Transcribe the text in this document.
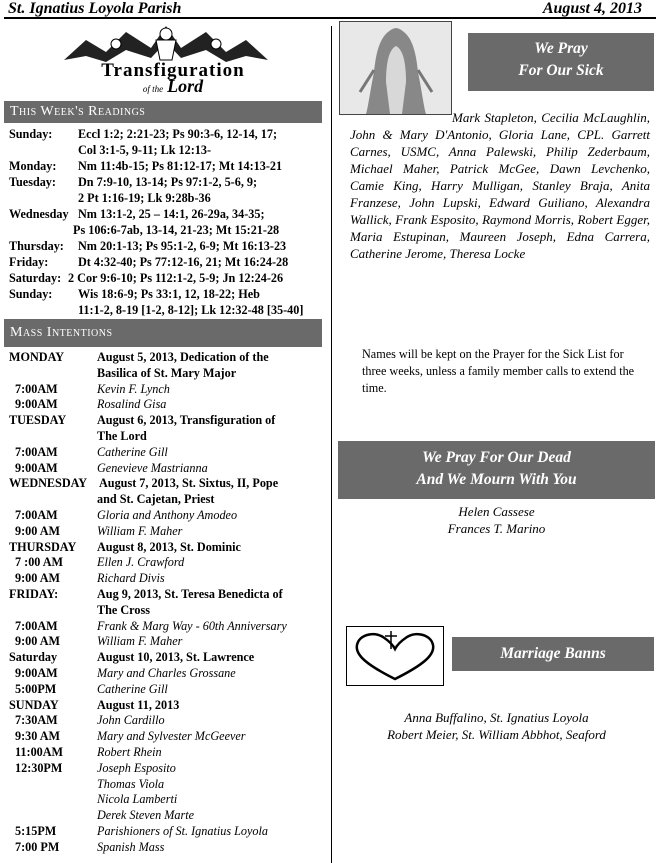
St. Ignatius Loyola Parish	August 4, 2013
Transfiguration
of the Lord
This Week's Readings
Sunday: Eccl 1:2; 2:21-23; Ps 90:3-6, 12-14, 17;
Col 3:1-5, 9-11; Lk 12:13-
Monday: Nm 11:4b-15; Ps 81:12-17; Mt 14:13-21
Tuesday: Dn 7:9-10, 13-14; Ps 97:1-2, 5-6, 9;
2 Pt 1:16-19; Lk 9:28b-36
Wednesday Nm 13:1-2, 25 – 14:1, 26-29a, 34-35;
Ps 106:6-7ab, 13-14, 21-23; Mt 15:21-28
Thursday: Nm 20:1-13; Ps 95:1-2, 6-9; Mt 16:13-23
Friday: Dt 4:32-40; Ps 77:12-16, 21; Mt 16:24-28
Saturday: 2 Cor 9:6-10; Ps 112:1-2, 5-9; Jn 12:24-26
Sunday: Wis 18:6-9; Ps 33:1, 12, 18-22; Heb
11:1-2, 8-19 [1-2, 8-12]; Lk 12:32-48 [35-40]
Mass Intentions
MONDAY	August 5, 2013, Dedication of the
Basilica of St. Mary Major
7:00AM	Kevin F. Lynch
9:00AM	Rosalind Gisa
TUESDAY	August 6, 2013, Transfiguration of
The Lord
7:00AM	Catherine Gill
9:00AM	Genevieve Mastrianna
WEDNESDAY August 7, 2013, St. Sixtus, II, Pope
and St. Cajetan, Priest
7:00AM	Gloria and Anthony Amodeo
9:00 AM	William F. Maher
THURSDAY August 8, 2013, St. Dominic
7 :00 AM	Ellen J. Crawford
9:00 AM	Richard Divis
FRIDAY:	Aug 9, 2013, St. Teresa Benedicta of
The Cross
7:00AM	Frank & Marg Way - 60th Anniversary
9:00 AM	William F. Maher
Saturday	August 10, 2013, St. Lawrence
9:00AM	Mary and Charles Grossane
5:00PM	Catherine Gill
SUNDAY	August 11, 2013
7:30AM	John Cardillo
9:30 AM	Mary and Sylvester McGeever
11:00AM	Robert Rhein
12:30PM	Joseph Esposito
Thomas Viola
Nicola Lamberti
Derek Steven Marte
5:15PM	Parishioners of St. Ignatius Loyola
7:00 PM	Spanish Mass
We Pray
For Our Sick
Mark Stapleton, Cecilia McLaughlin, John & Mary D'Antonio, Gloria Lane, CPL. Garrett Carnes, USMC, Anna Palewski, Philip Zederbaum, Michael Maher, Patrick McGee, Dawn Levchenko, Camie King, Harry Mulligan, Stanley Braja, Anita Franzese, John Lupski, Edward Guiliano, Alexandra Wallick, Frank Esposito, Raymond Morris, Robert Egger, Maria Estupinan, Maureen Joseph, Edna Carrera, Catherine Jerome, Theresa Locke
Names will be kept on the Prayer for the Sick List for three weeks, unless a family member calls to extend the time.
We Pray For Our Dead
And We Mourn With You
Helen Cassese
Frances T. Marino
Marriage Banns
Anna Buffalino, St. Ignatius Loyola
Robert Meier, St. William Abbhot, Seaford
